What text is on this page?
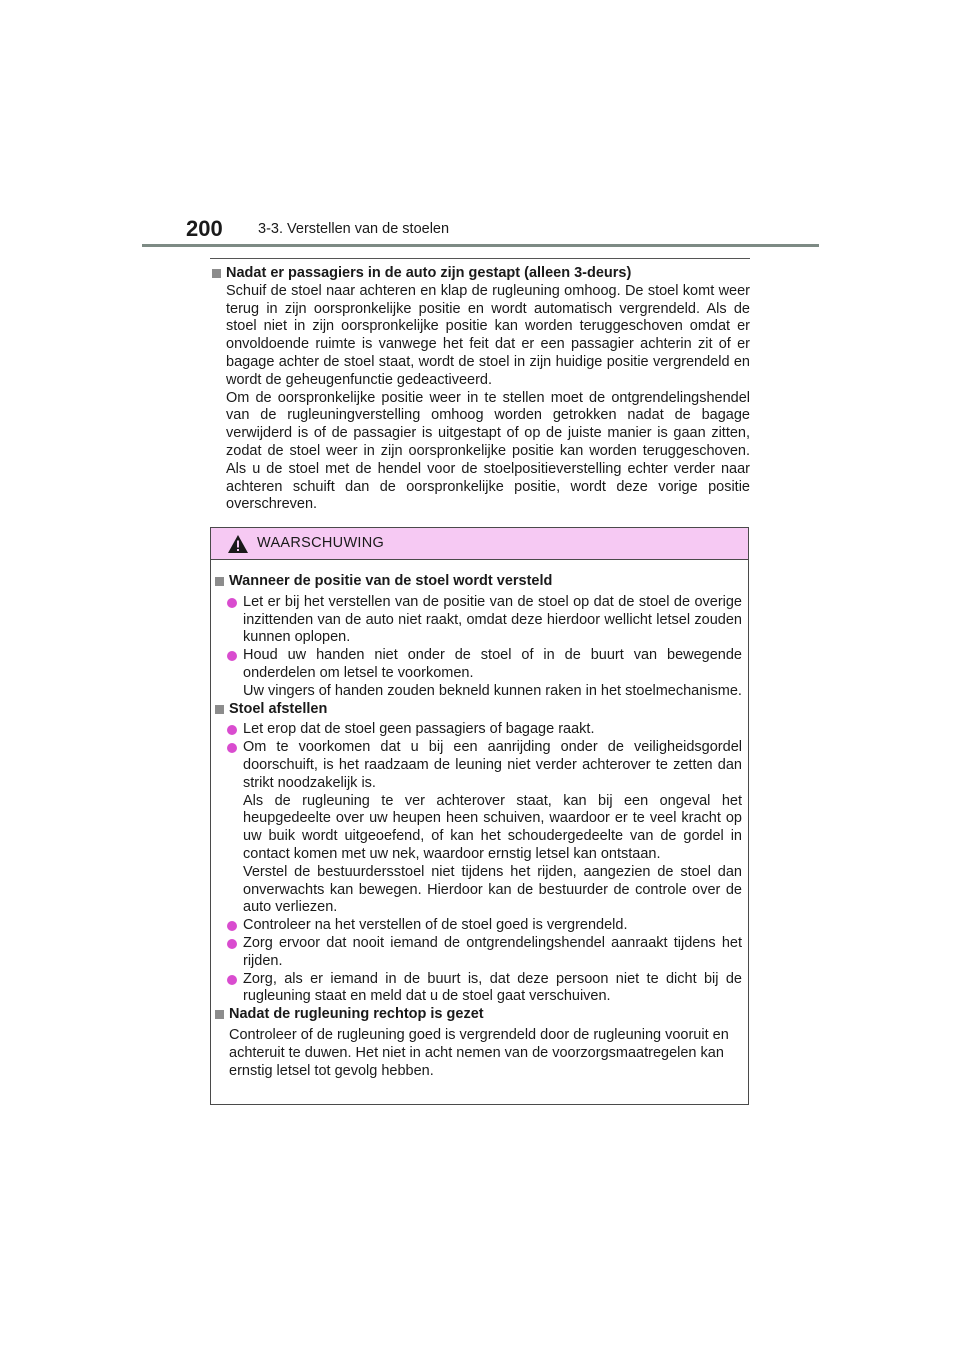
200 3-3. Verstellen van de stoelen
Nadat er passagiers in de auto zijn gestapt (alleen 3-deurs)

Schuif de stoel naar achteren en klap de rugleuning omhoog. De stoel komt weer terug in zijn oorspronkelijke positie en wordt automatisch vergrendeld. Als de stoel niet in zijn oorspronkelijke positie kan worden teruggeschoven omdat er onvoldoende ruimte is vanwege het feit dat er een passagier achterin zit of er bagage achter de stoel staat, wordt de stoel in zijn huidige positie vergrendeld en wordt de geheugenfunctie gedeactiveerd.

Om de oorspronkelijke positie weer in te stellen moet de ontgrendelingshendel van de rugleuningverstelling omhoog worden getrokken nadat de bagage verwijderd is of de passagier is uitgestapt of op de juiste manier is gaan zitten, zodat de stoel weer in zijn oorspronkelijke positie kan worden teruggeschoven. Als u de stoel met de hendel voor de stoelpositieverstelling echter verder naar achteren schuift dan de oorspronkelijke positie, wordt deze vorige positie overschreven.

WAARSCHUWING
Wanneer de positie van de stoel wordt versteld

Let er bij het verstellen van de positie van de stoel op dat de stoel de overige inzittenden van de auto niet raakt, omdat deze hierdoor wellicht letsel zouden kunnen oplopen.

Houd uw handen niet onder de stoel of in de buurt van bewegende onderdelen om letsel te voorkomen.

Uw vingers of handen zouden bekneld kunnen raken in het stoelmechanisme.

Stoel afstellen

Let erop dat de stoel geen passagiers of bagage raakt.

Om te voorkomen dat u bij een aanrijding onder de veiligheidsgordel doorschuift, is het raadzaam de leuning niet verder achterover te zetten dan strikt noodzakelijk is.

Als de rugleuning te ver achterover staat, kan bij een ongeval het heupgedeelte over uw heupen heen schuiven, waardoor er te veel kracht op uw buik wordt uitgeoefend, of kan het schoudergedeelte van de gordel in contact komen met uw nek, waardoor ernstig letsel kan ontstaan.

Verstel de bestuurdersstoel niet tijdens het rijden, aangezien de stoel dan onverwachts kan bewegen. Hierdoor kan de bestuurder de controle over de auto verliezen.

Controleer na het verstellen of de stoel goed is vergrendeld.

Zorg ervoor dat nooit iemand de ontgrendelingshendel aanraakt tijdens het rijden.

Zorg, als er iemand in de buurt is, dat deze persoon niet te dicht bij de rugleuning staat en meld dat u de stoel gaat verschuiven.

Nadat de rugleuning rechtop is gezet

Controleer of de rugleuning goed is vergrendeld door de rugleuning vooruit en achteruit te duwen. Het niet in acht nemen van de voorzorgsmaatregelen kan ernstig letsel tot gevolg hebben.
